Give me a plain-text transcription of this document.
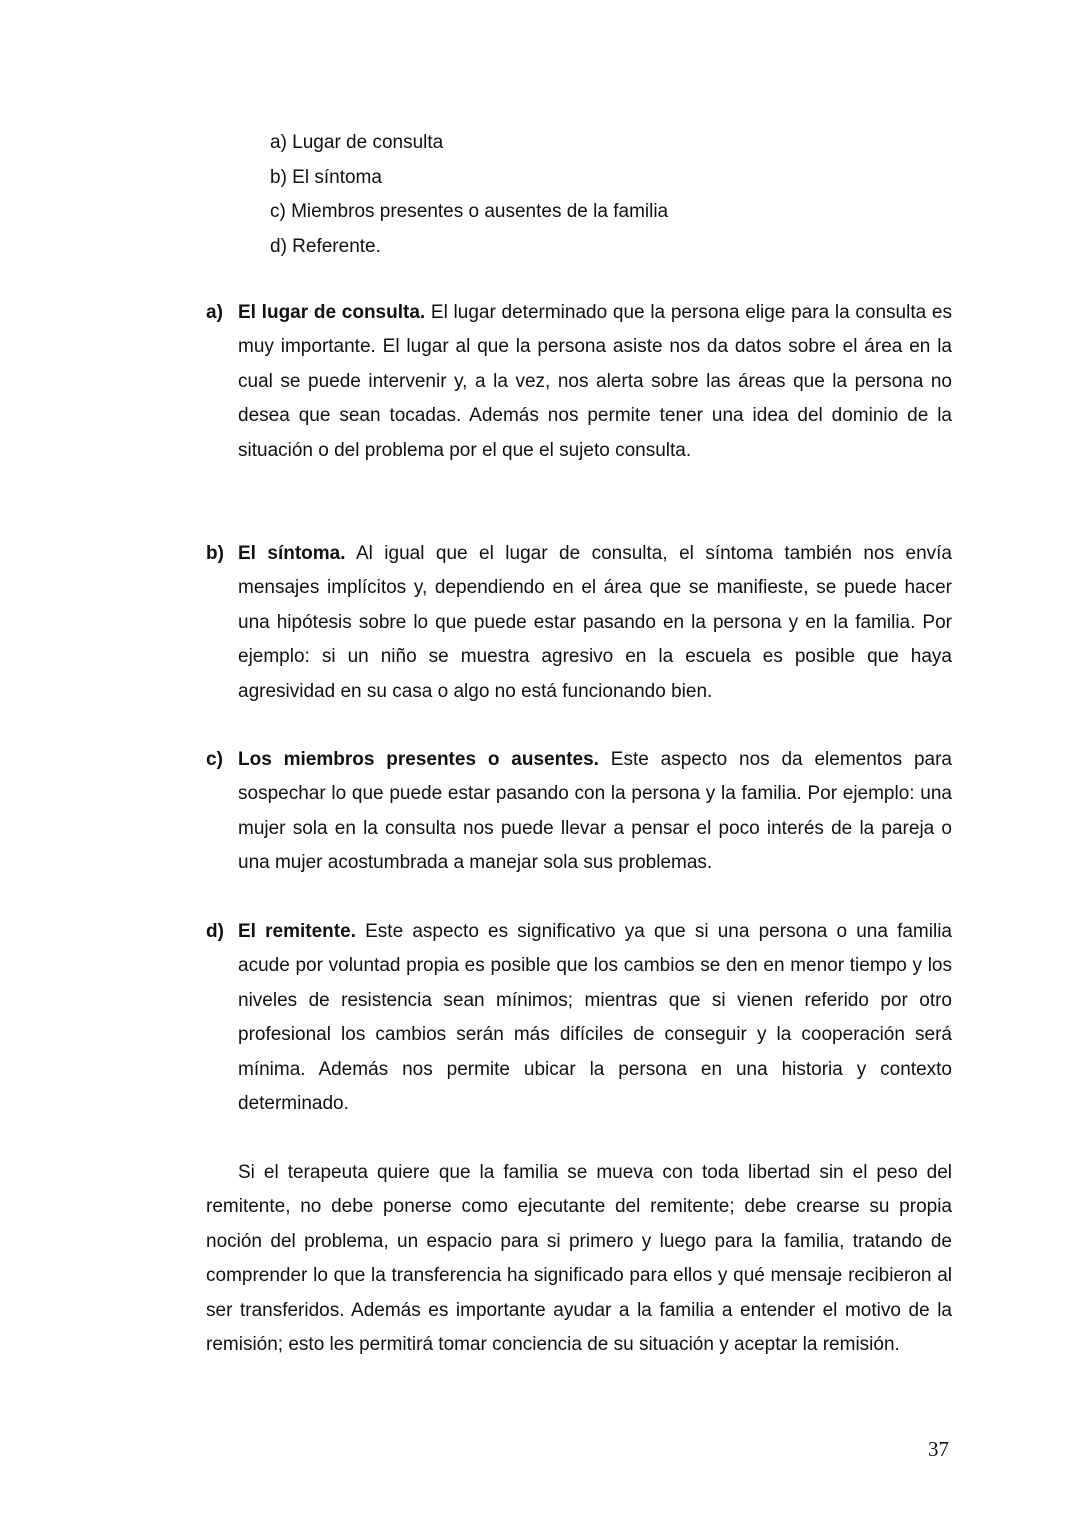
a) Lugar de consulta
b) El síntoma
c) Miembros presentes o ausentes de la familia
d) Referente.
a) El lugar de consulta. El lugar determinado que la persona elige para la consulta es muy importante. El lugar al que la persona asiste nos da datos sobre el área en la cual se puede intervenir y, a la vez, nos alerta sobre las áreas que la persona no desea que sean tocadas. Además nos permite tener una idea del dominio de la situación o del problema por el que el sujeto consulta.
b) El síntoma. Al igual que el lugar de consulta, el síntoma también nos envía mensajes implícitos y, dependiendo en el área que se manifieste, se puede hacer una hipótesis sobre lo que puede estar pasando en la persona y en la familia. Por ejemplo: si un niño se muestra agresivo en la escuela es posible que haya agresividad en su casa o algo no está funcionando bien.
c) Los miembros presentes o ausentes. Este aspecto nos da elementos para sospechar lo que puede estar pasando con la persona y la familia. Por ejemplo: una mujer sola en la consulta nos puede llevar a pensar el poco interés de la pareja o una mujer acostumbrada a manejar sola sus problemas.
d) El remitente. Este aspecto es significativo ya que si una persona o una familia acude por voluntad propia es posible que los cambios se den en menor tiempo y los niveles de resistencia sean mínimos; mientras que si vienen referido por otro profesional los cambios serán más difíciles de conseguir y la cooperación será mínima. Además nos permite ubicar la persona en una historia y contexto determinado.
Si el terapeuta quiere que la familia se mueva con toda libertad sin el peso del remitente, no debe ponerse como ejecutante del remitente; debe crearse su propia noción del problema, un espacio para si primero y luego para la familia, tratando de comprender lo que la transferencia ha significado para ellos y qué mensaje recibieron al ser transferidos. Además es importante ayudar a la familia a entender el motivo de la remisión; esto les permitirá tomar conciencia de su situación y aceptar la remisión.
37
